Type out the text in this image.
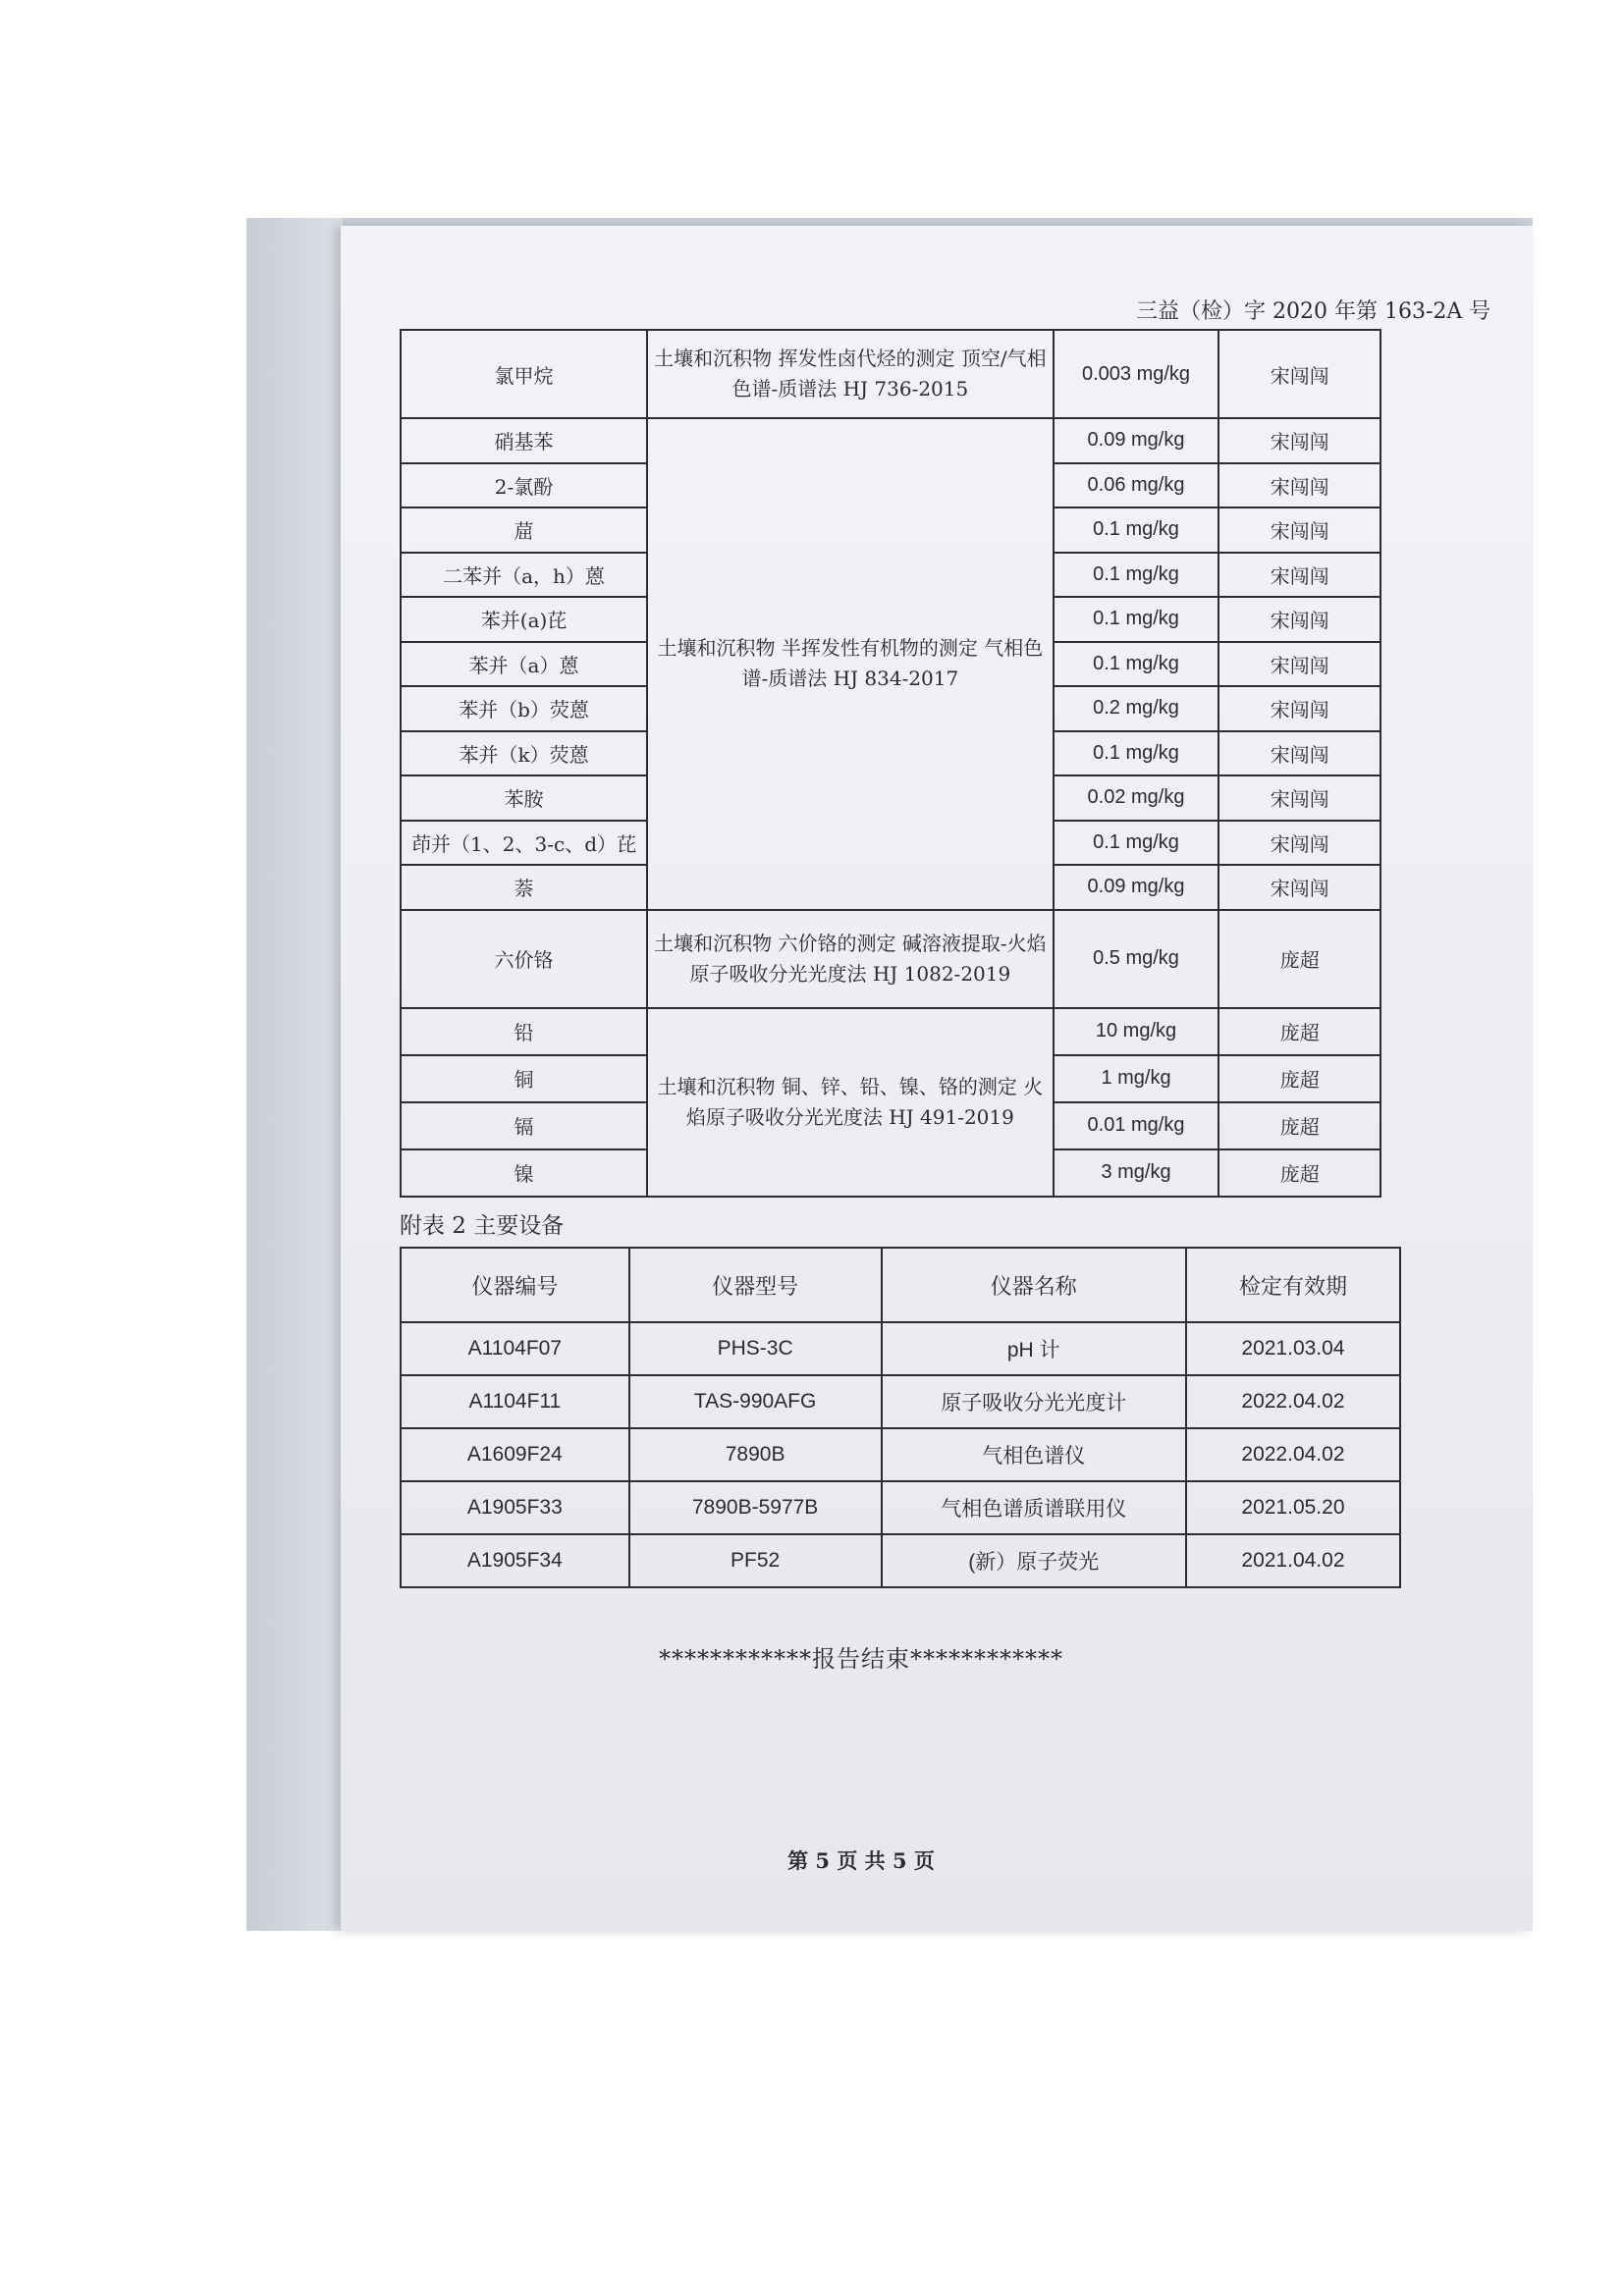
三益（检）字 2020 年第 163-2A 号
氯甲烷	土壤和沉积物 挥发性卤代烃的测定 顶空/气相色谱-质谱法 HJ 736-2015	0.003 mg/kg	宋闯闯
硝基苯	土壤和沉积物 半挥发性有机物的测定 气相色谱-质谱法 HJ 834-2017	0.09 mg/kg	宋闯闯
2-氯酚		0.06 mg/kg	宋闯闯
䓛		0.1 mg/kg	宋闯闯
二苯并（a，h）蒽		0.1 mg/kg	宋闯闯
苯并(a)芘		0.1 mg/kg	宋闯闯
苯并（a）蒽		0.1 mg/kg	宋闯闯
苯并（b）荧蒽		0.2 mg/kg	宋闯闯
苯并（k）荧蒽		0.1 mg/kg	宋闯闯
苯胺		0.02 mg/kg	宋闯闯
茚并（1、2、3-c、d）芘		0.1 mg/kg	宋闯闯
萘		0.09 mg/kg	宋闯闯
六价铬	土壤和沉积物 六价铬的测定 碱溶液提取-火焰原子吸收分光光度法 HJ 1082-2019	0.5 mg/kg	庞超
铅	土壤和沉积物 铜、锌、铅、镍、铬的测定 火焰原子吸收分光光度法 HJ 491-2019	10 mg/kg	庞超
铜		1 mg/kg	庞超
镉		0.01 mg/kg	庞超
镍		3 mg/kg	庞超
附表 2 主要设备
仪器编号	仪器型号	仪器名称	检定有效期
A1104F07	PHS-3C	pH 计	2021.03.04
A1104F11	TAS-990AFG	原子吸收分光光度计	2022.04.02
A1609F24	7890B	气相色谱仪	2022.04.02
A1905F33	7890B-5977B	气相色谱质谱联用仪	2021.05.20
A1905F34	PF52	(新）原子荧光	2021.04.02
************报告结束************
第 5 页 共 5 页
